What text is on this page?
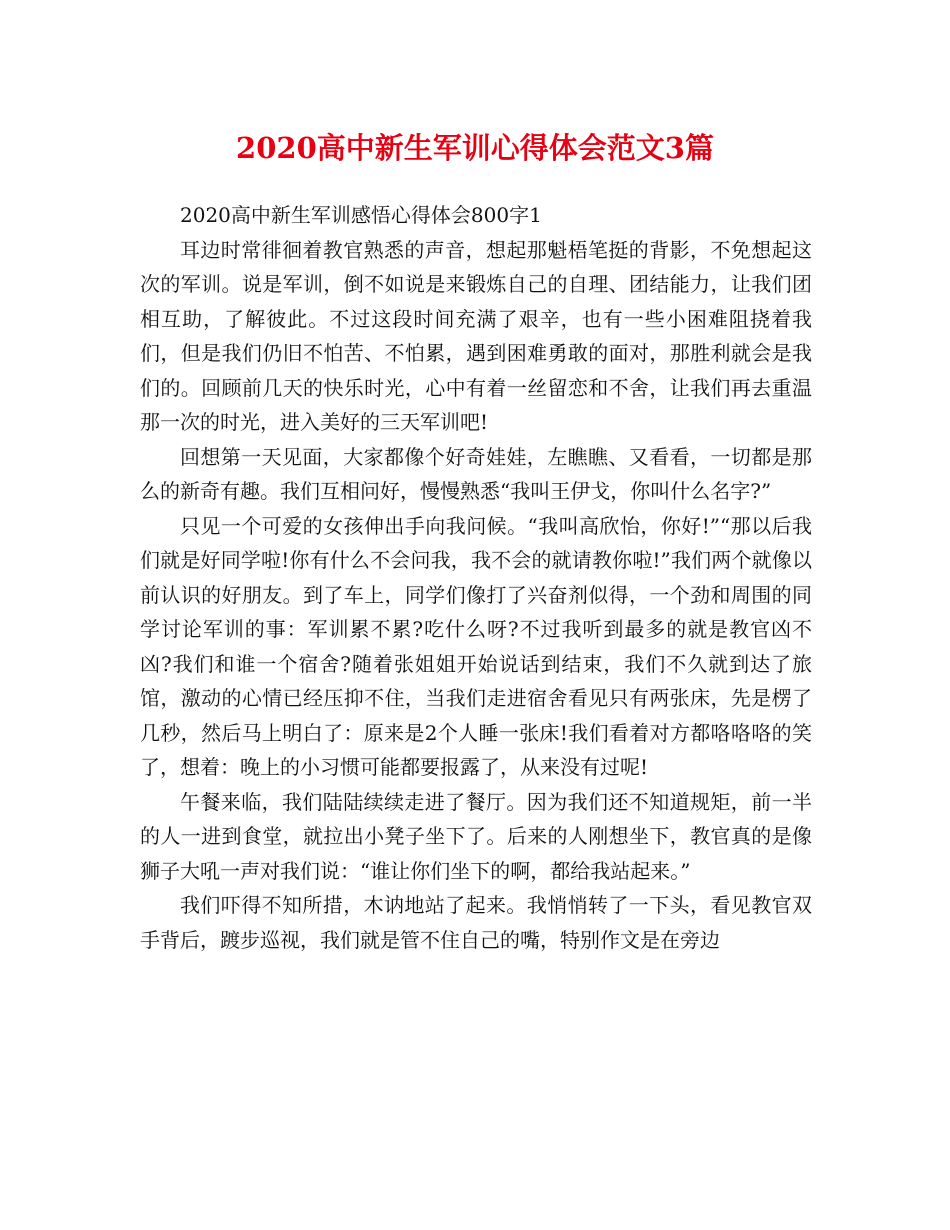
2020高中新生军训心得体会范文3篇

2020高中新生军训感悟心得体会800字1

耳边时常徘徊着教官熟悉的声音，想起那魁梧笔挺的背影，不免想起这次的军训。说是军训，倒不如说是来锻炼自己的自理、团结能力，让我们团相互助，了解彼此。不过这段时间充满了艰辛，也有一些小困难阻挠着我们，但是我们仍旧不怕苦、不怕累，遇到困难勇敢的面对，那胜利就会是我们的。回顾前几天的快乐时光，心中有着一丝留恋和不舍，让我们再去重温那一次的时光，进入美好的三天军训吧!

回想第一天见面，大家都像个好奇娃娃，左瞧瞧、又看看，一切都是那么的新奇有趣。我们互相问好，慢慢熟悉“我叫王伊戈，你叫什么名字?”

只见一个可爱的女孩伸出手向我问候。“我叫高欣怡，你好!”“那以后我们就是好同学啦!你有什么不会问我，我不会的就请教你啦!”我们两个就像以前认识的好朋友。到了车上，同学们像打了兴奋剂似得，一个劲和周围的同学讨论军训的事：军训累不累?吃什么呀?不过我听到最多的就是教官凶不凶?我们和谁一个宿舍?随着张姐姐开始说话到结束，我们不久就到达了旅馆，激动的心情已经压抑不住，当我们走进宿舍看见只有两张床，先是楞了几秒，然后马上明白了：原来是2个人睡一张床!我们看着对方都咯咯咯的笑了，想着：晚上的小习惯可能都要报露了，从来没有过呢!

午餐来临，我们陆陆续续走进了餐厅。因为我们还不知道规矩，前一半的人一进到食堂，就拉出小凳子坐下了。后来的人刚想坐下，教官真的是像狮子大吼一声对我们说：“谁让你们坐下的啊，都给我站起来。”

我们吓得不知所措，木讷地站了起来。我悄悄转了一下头，看见教官双手背后，踱步巡视，我们就是管不住自己的嘴，特别作文是在旁边
